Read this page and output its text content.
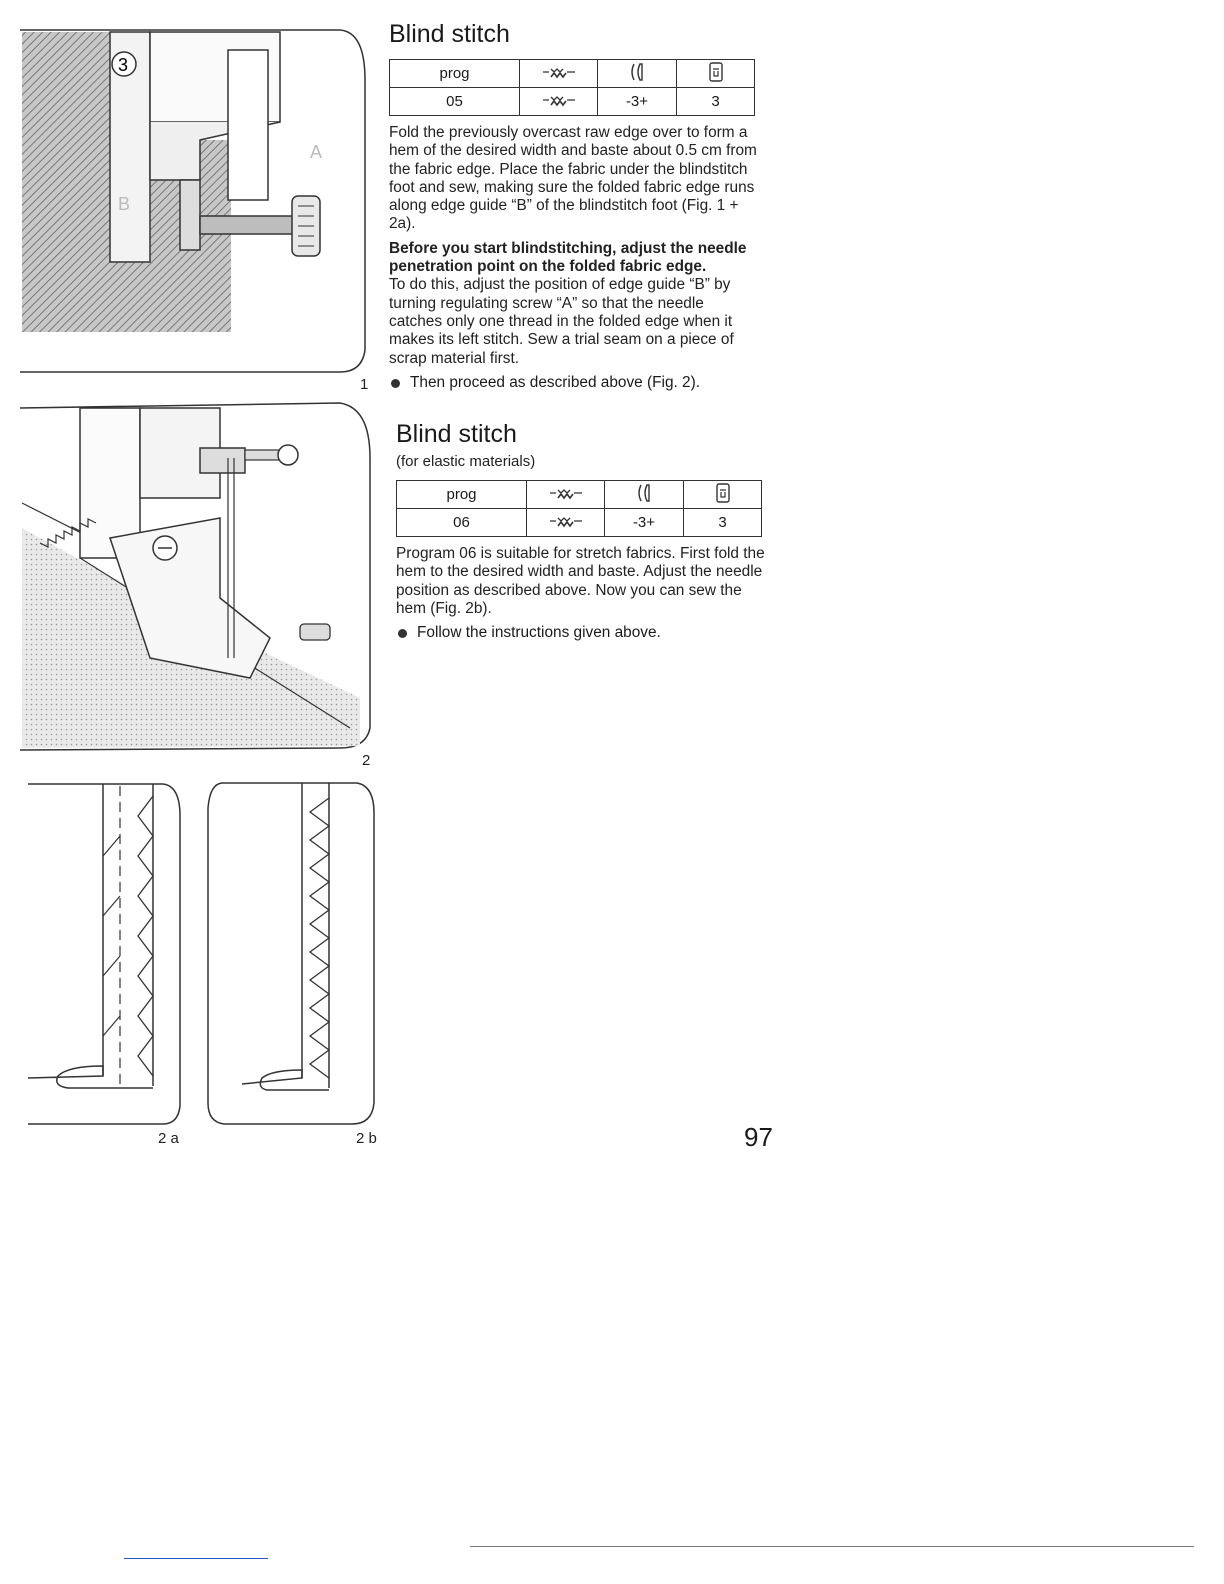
3
A
B
1
2
2 a	2 b
Blind stitch
prog			
05		-3+	3

Fold the previously overcast raw edge over to form a hem of the desired width and baste about 0.5 cm from the fabric edge. Place the fabric under the blindstitch foot and sew, making sure the folded fabric edge runs along edge guide “B” of the blindstitch foot (Fig. 1 + 2a).

Before you start blindstitching, adjust the needle penetration point on the folded fabric edge.

To do this, adjust the position of edge guide “B” by turning regulating screw “A” so that the needle catches only one thread in the folded edge when it makes its left stitch. Sew a trial seam on a piece of scrap material first.

Then proceed as described above (Fig. 2).
Blind stitch

(for elastic materials)

prog			
06		-3+	3

Program 06 is suitable for stretch fabrics. First fold the hem to the desired width and baste. Adjust the needle position as described above. Now you can sew the hem (Fig. 2b).

Follow the instructions given above.
97
